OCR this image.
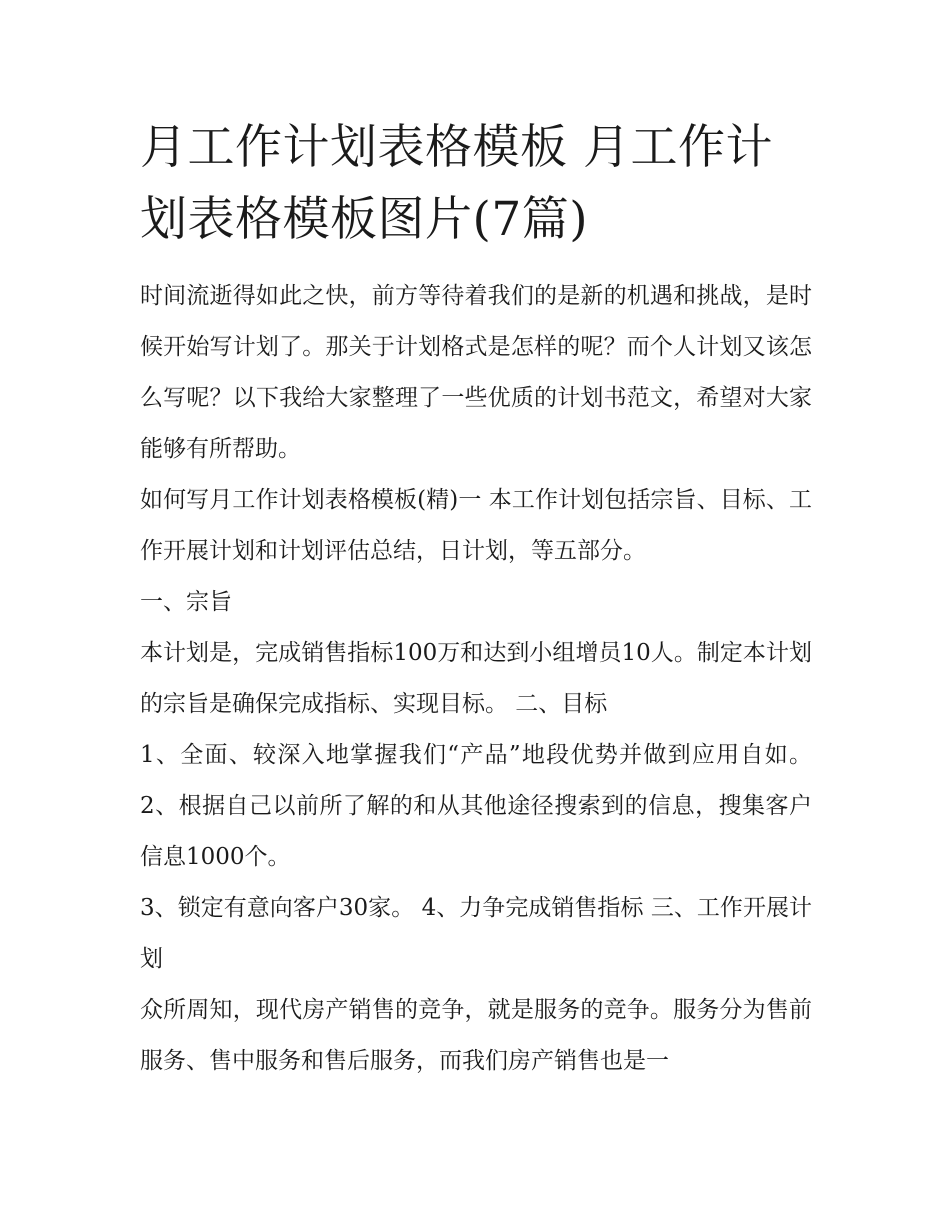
月工作计划表格模板 月工作计划表格模板图片(7篇)

时间流逝得如此之快，前方等待着我们的是新的机遇和挑战，是时候开始写计划了。那关于计划格式是怎样的呢？而个人计划又该怎么写呢？以下我给大家整理了一些优质的计划书范文，希望对大家能够有所帮助。

如何写月工作计划表格模板(精)一 本工作计划包括宗旨、目标、工作开展计划和计划评估总结，日计划，等五部分。

一、宗旨

本计划是，完成销售指标100万和达到小组增员10人。制定本计划的宗旨是确保完成指标、实现目标。 二、目标

1、全面、较深入地掌握我们“产品”地段优势并做到应用自如。 2、根据自己以前所了解的和从其他途径搜索到的信息，搜集客户信息1000个。

3、锁定有意向客户30家。 4、力争完成销售指标 三、工作开展计划

众所周知，现代房产销售的竞争，就是服务的竞争。服务分为售前服务、售中服务和售后服务，而我们房产销售也是一
